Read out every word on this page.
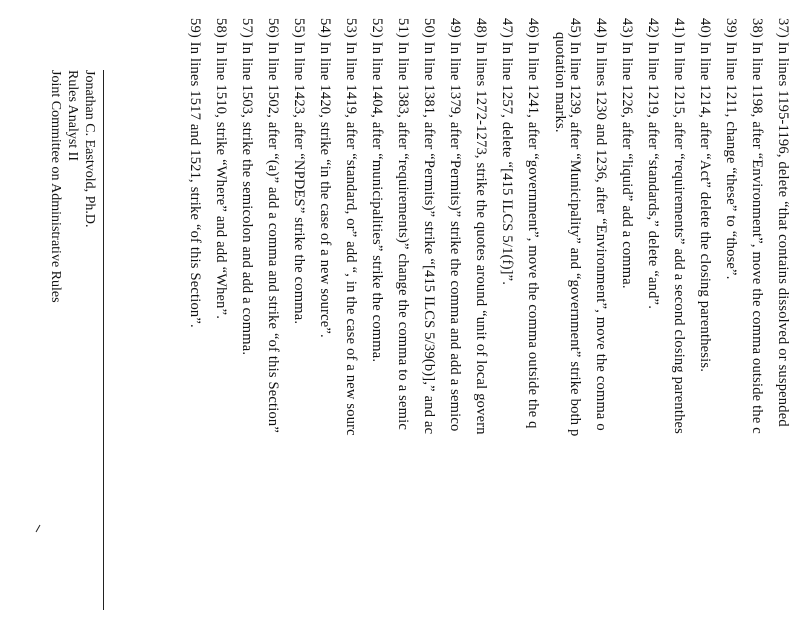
37) In lines 1195-1196, delete “that contains dissolved or suspended
38) In line 1198, after “Environment”, move the comma outside the c
39) In line 1211, change “these” to “those”.
40) In line 1214, after “Act” delete the closing parenthesis.
41) In line 1215, after “requirements” add a second closing parenthes
42) In line 1219, after “standards,” delete “and”.
43) In line 1226, after “liquid” add a comma.
44) In lines 1230 and 1236, after “Environment”, move the comma o
45) In line 1239, after “Municipality” and “government” strike both p
quotation marks.
46) In line 1241, after “government”, move the comma outside the q
47) In line 1257, delete “[415 ILCS 5/1(f)]”.
48) In lines 1272-1273, strike the quotes around “unit of local govern
49) In line 1379, after “Permits)” strike the comma and add a semico
50) In line 1381, after “Permits)” strike “[415 ILCS 5/39(b)],” and ac
51) In line 1383, after “requirements)” change the comma to a semic
52) In line 1404, after “municipalities” strike the comma.
53) In line 1419, after “standard, or” add “, in the case of a new sourc
54) In line 1420, strike “in the case of a new source”.
55) In line 1423, after “NPDES” strike the comma.
56) In line 1502, after “(a)” add a comma and strike “of this Section”
57) In line 1503, strike the semicolon and add a comma.
58) In line 1510, strike “Where” and add “When”.
59) In lines 1517 and 1521, strike “of this Section”.
Jonathan C. Eastvold, Ph.D.
Rules Analyst II
Joint Committee on Administrative Rules
